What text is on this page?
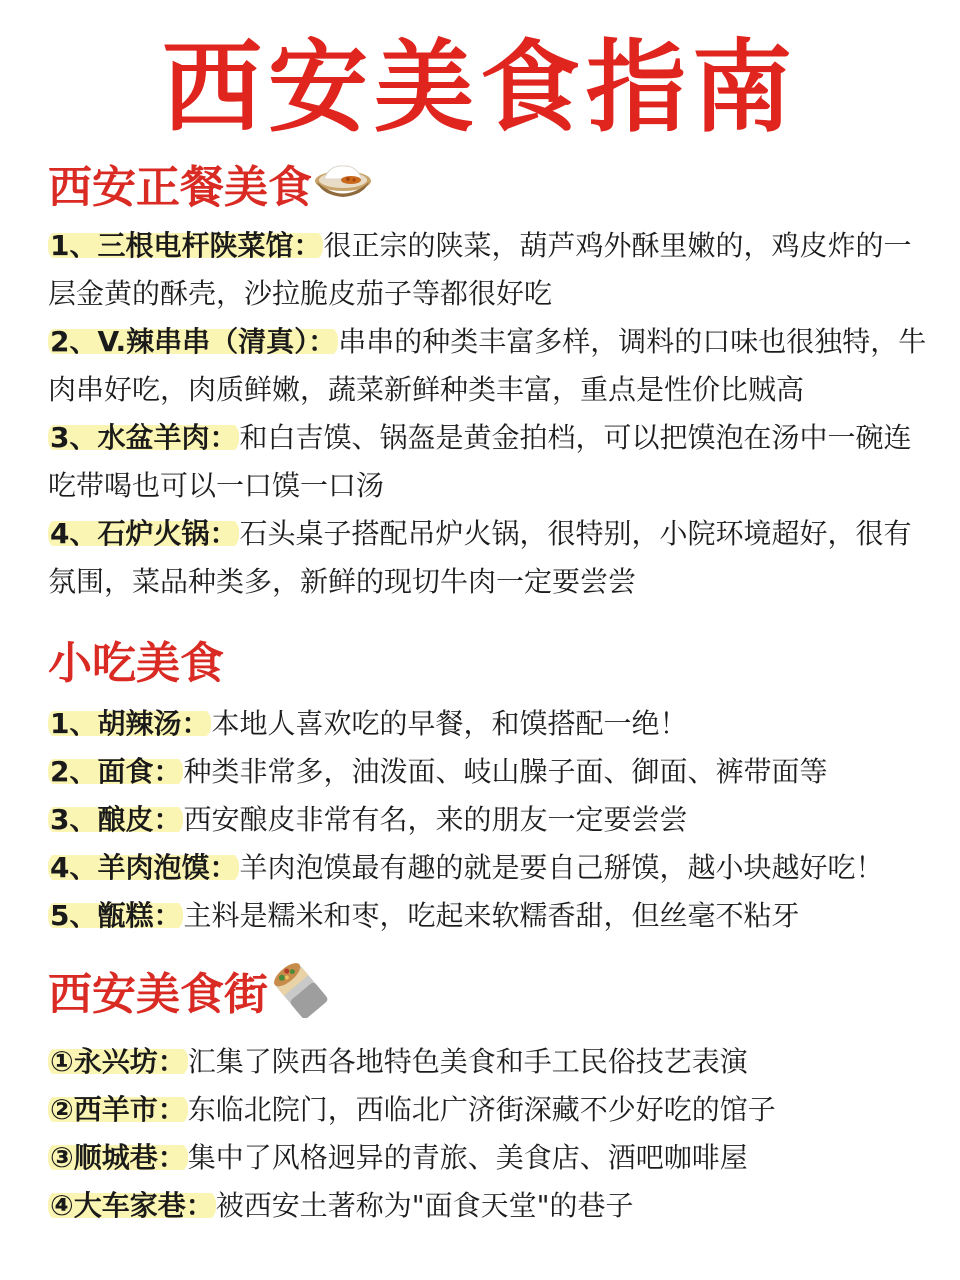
西安美食指南
西安正餐美食
1、三根电杆陕菜馆：很正宗的陕菜，葫芦鸡外酥里嫩的，鸡皮炸的一层金黄的酥壳，沙拉脆皮茄子等都很好吃
2、V.辣串串（清真）：串串的种类丰富多样，调料的口味也很独特，牛肉串好吃，肉质鲜嫩，蔬菜新鲜种类丰富，重点是性价比贼高
3、水盆羊肉：和白吉馍、锅盔是黄金拍档，可以把馍泡在汤中一碗连吃带喝也可以一口馍一口汤
4、石炉火锅：石头桌子搭配吊炉火锅，很特别，小院环境超好，很有氛围，菜品种类多，新鲜的现切牛肉一定要尝尝
小吃美食
1、胡辣汤：本地人喜欢吃的早餐，和馍搭配一绝！
2、面食：种类非常多，油泼面、岐山臊子面、御面、裤带面等
3、酿皮：西安酿皮非常有名，来的朋友一定要尝尝
4、羊肉泡馍：羊肉泡馍最有趣的就是要自己掰馍，越小块越好吃！
5、甑糕：主料是糯米和枣，吃起来软糯香甜，但丝毫不粘牙
西安美食街
①永兴坊：汇集了陕西各地特色美食和手工民俗技艺表演
②西羊市：东临北院门，西临北广济街深藏不少好吃的馆子
③顺城巷：集中了风格迥异的青旅、美食店、酒吧咖啡屋
④大车家巷：被西安土著称为"面食天堂"的巷子
